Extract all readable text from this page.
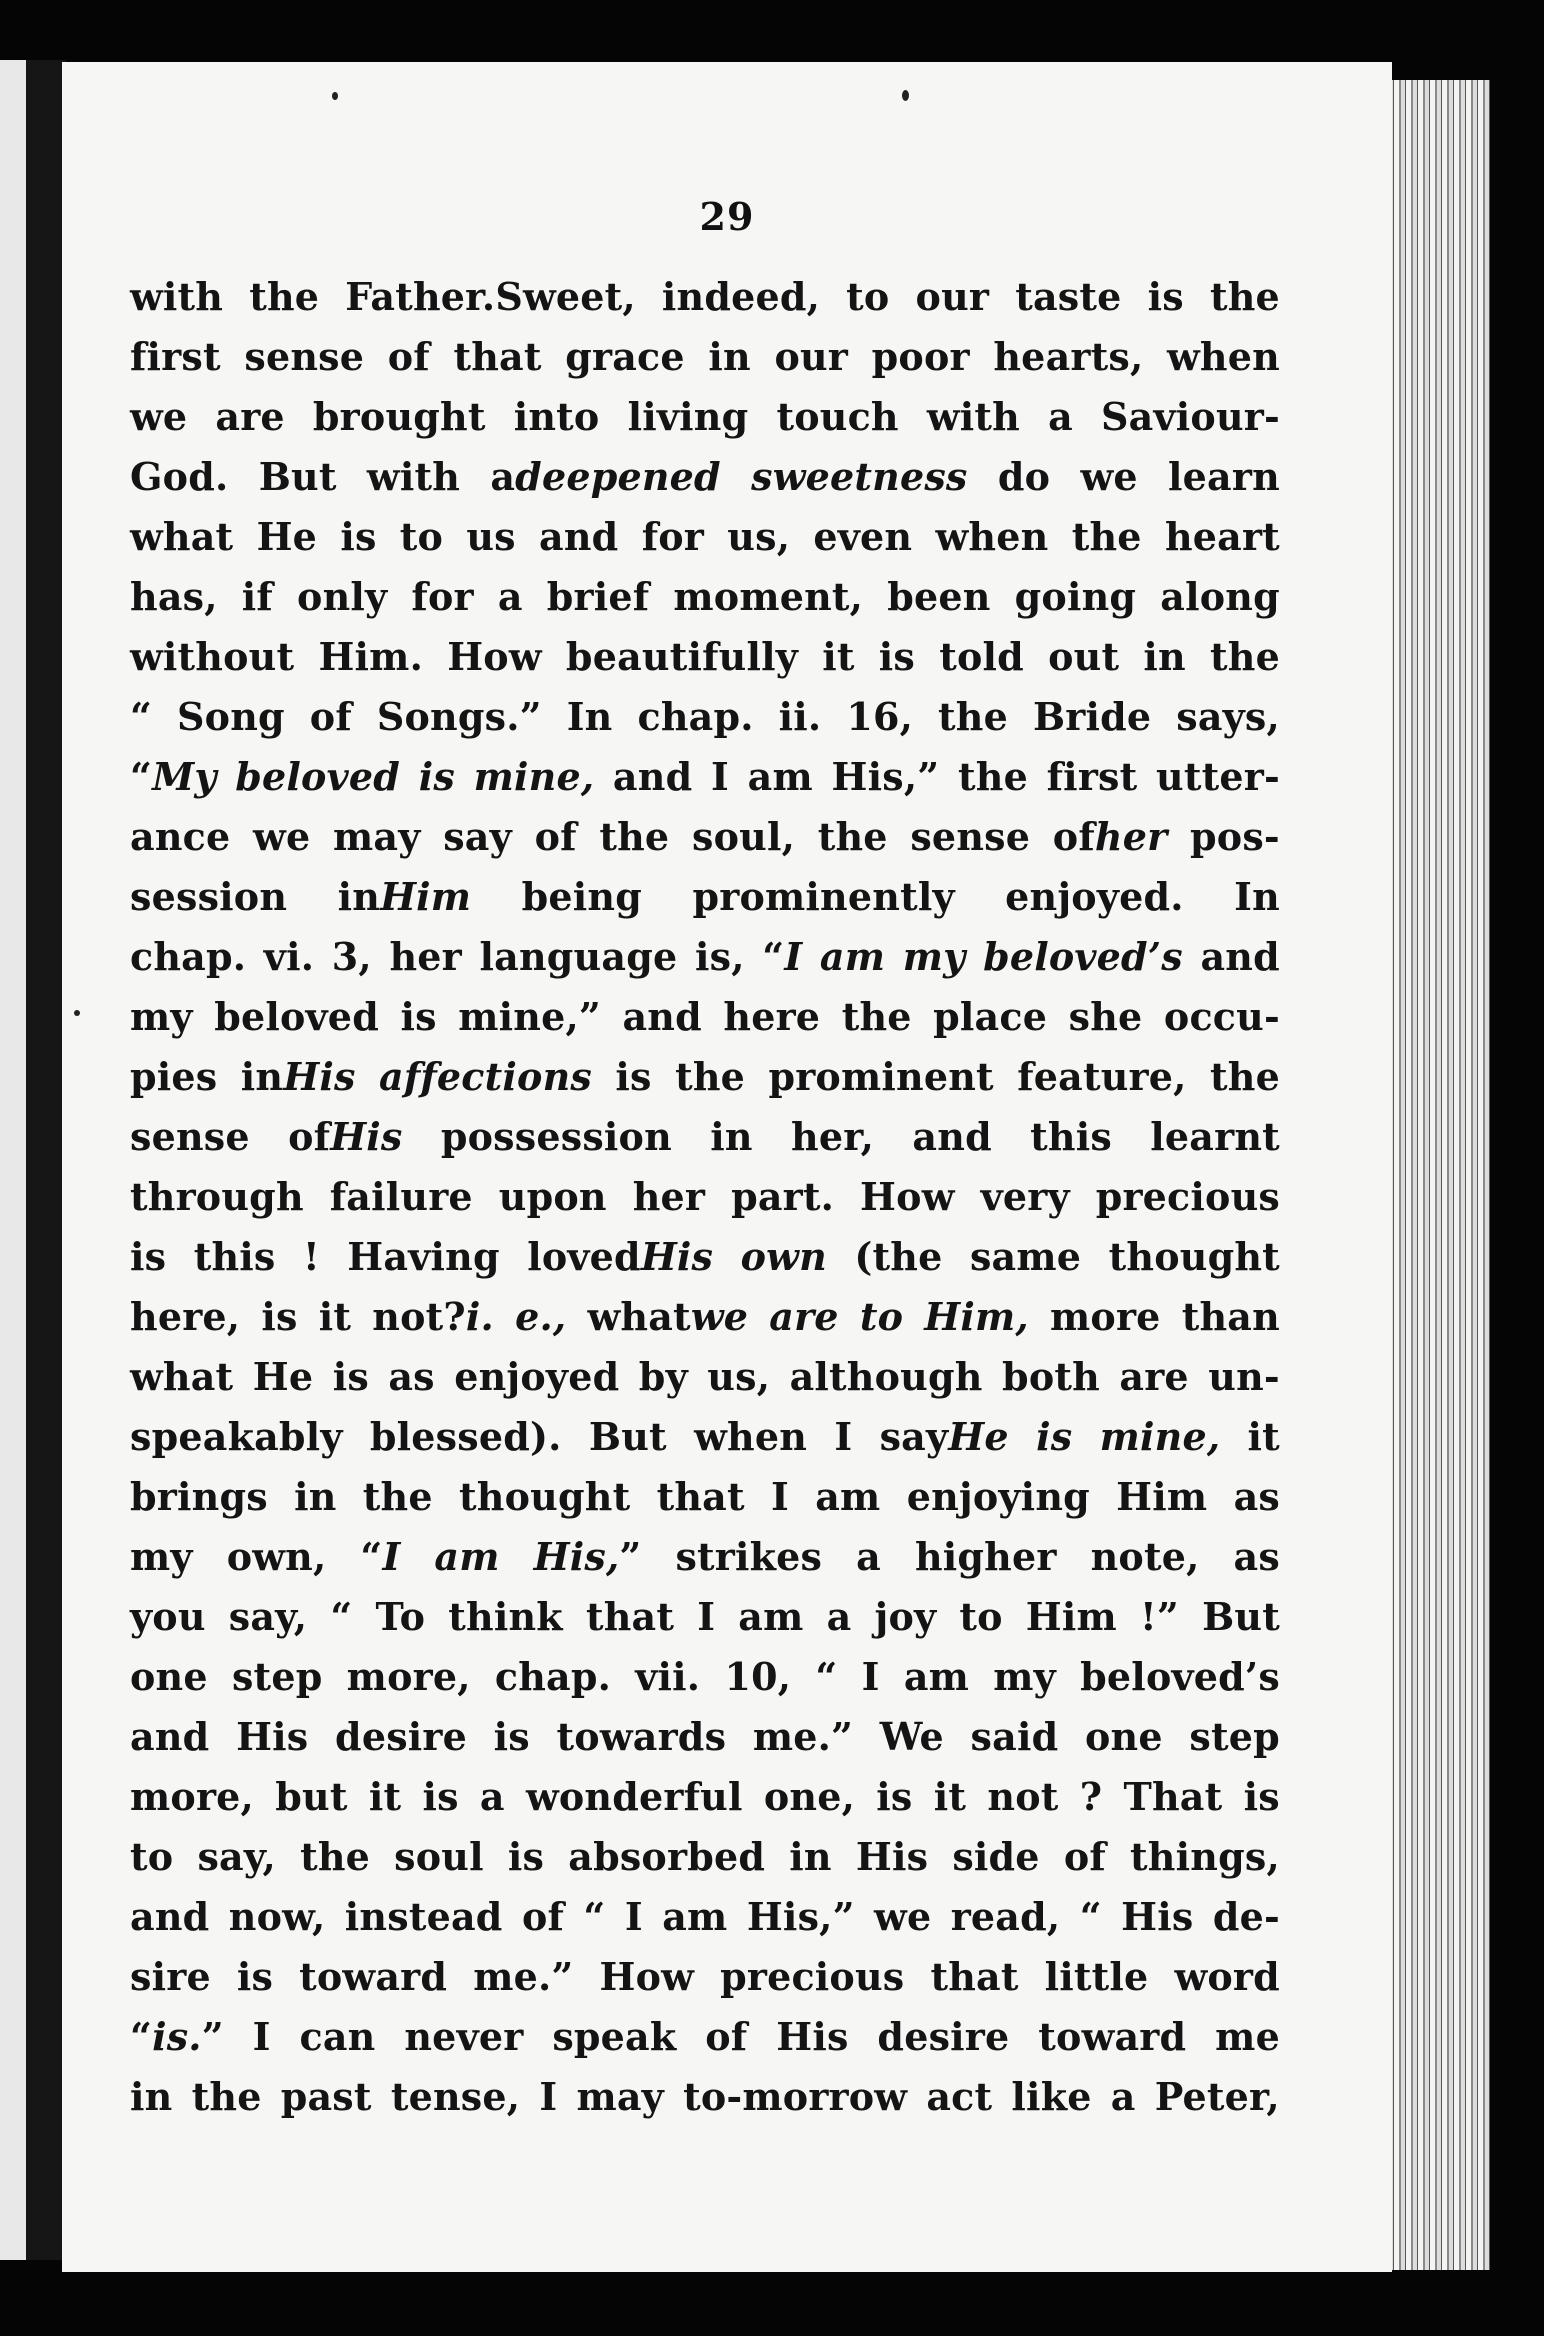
29
with the Father.Sweet, indeed, to our taste is the
first sense of that grace in our poor hearts, when
we are brought into living touch with a Saviour-
God. But with adeepened sweetness do we learn
what He is to us and for us, even when the heart
has, if only for a brief moment, been going along
without Him. How beautifully it is told out in the
“ Song of Songs.” In chap. ii. 16, the Bride says,
“My beloved is mine, and I am His,” the first utter-
ance we may say of the soul, the sense ofher pos-
session inHim being prominently enjoyed. In
chap. vi. 3, her language is, “I am my beloved’s and
my beloved is mine,” and here the place she occu-
pies inHis affections is the prominent feature, the
sense ofHis possession in her, and this learnt
through failure upon her part. How very precious
is this ! Having lovedHis own (the same thought
here, is it not?i. e., whatwe are to Him, more than
what He is as enjoyed by us, although both are un-
speakably blessed). But when I sayHe is mine, it
brings in the thought that I am enjoying Him as
my own, “I am His,” strikes a higher note, as
you say, “ To think that I am a joy to Him !” But
one step more, chap. vii. 10, “ I am my beloved’s
and His desire is towards me.” We said one step
more, but it is a wonderful one, is it not ? That is
to say, the soul is absorbed in His side of things,
and now, instead of “ I am His,” we read, “ His de-
sire is toward me.” How precious that little word
“is.” I can never speak of His desire toward me
in the past tense, I may to-morrow act like a Peter,
